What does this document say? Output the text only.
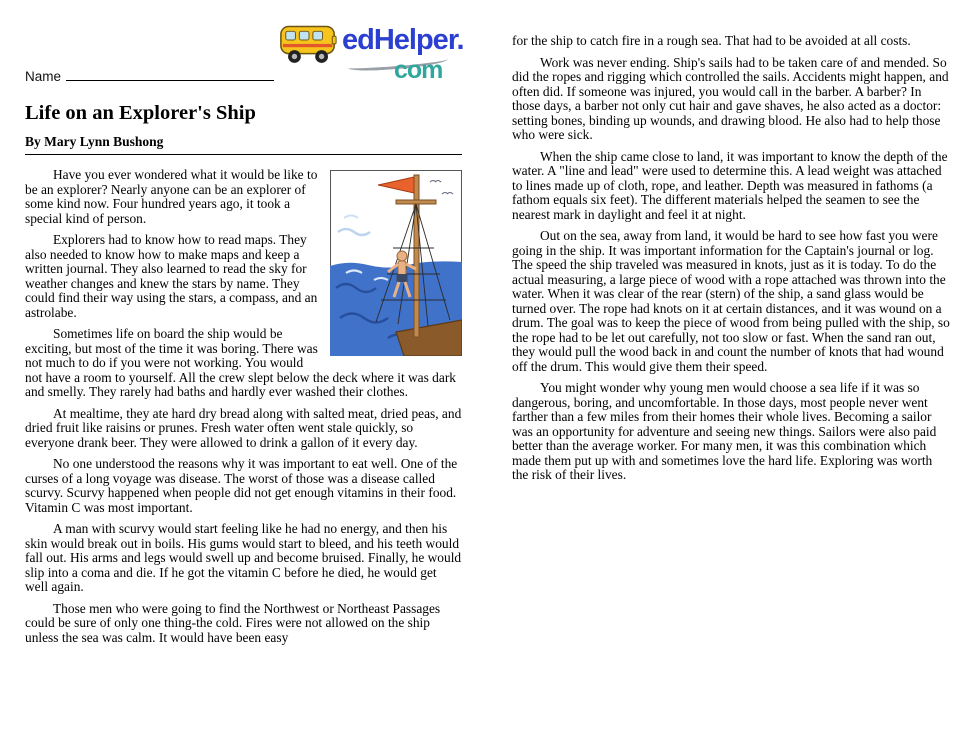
Name
edHelper.
com
Life on an Explorer's Ship
By Mary Lynn Bushong

Have you ever wondered what it would be like to be an explorer? Nearly anyone can be an explorer of some kind now. Four hundred years ago, it took a special kind of person.

Explorers had to know how to read maps. They also needed to know how to make maps and keep a written journal. They also learned to read the sky for weather changes and knew the stars by name. They could find their way using the stars, a compass, and an astrolabe.

Sometimes life on board the ship would be exciting, but most of the time it was boring. There was not much to do if you were not working. You would not have a room to yourself. All the crew slept below the deck where it was dark and smelly. They rarely had baths and hardly ever washed their clothes.

At mealtime, they ate hard dry bread along with salted meat, dried peas, and dried fruit like raisins or prunes. Fresh water often went stale quickly, so everyone drank beer. They were allowed to drink a gallon of it every day.

No one understood the reasons why it was important to eat well. One of the curses of a long voyage was disease. The worst of those was a disease called scurvy. Scurvy happened when people did not get enough vitamins in their food. Vitamin C was most important.

A man with scurvy would start feeling like he had no energy, and then his skin would break out in boils. His gums would start to bleed, and his teeth would fall out. His arms and legs would swell up and become bruised. Finally, he would slip into a coma and die. If he got the vitamin C before he died, he would get well again.

Those men who were going to find the Northwest or Northeast Passages could be sure of only one thing-the cold. Fires were not allowed on the ship unless the sea was calm. It would have been easy

for the ship to catch fire in a rough sea. That had to be avoided at all costs.

Work was never ending. Ship's sails had to be taken care of and mended. So did the ropes and rigging which controlled the sails. Accidents might happen, and often did. If someone was injured, you would call in the barber. A barber? In those days, a barber not only cut hair and gave shaves, he also acted as a doctor: setting bones, binding up wounds, and drawing blood. He also had to help those who were sick.

When the ship came close to land, it was important to know the depth of the water. A "line and lead" were used to determine this. A lead weight was attached to lines made up of cloth, rope, and leather. Depth was measured in fathoms (a fathom equals six feet). The different materials helped the seamen to see the nearest mark in daylight and feel it at night.

Out on the sea, away from land, it would be hard to see how fast you were going in the ship. It was important information for the Captain's journal or log. The speed the ship traveled was measured in knots, just as it is today. To do the actual measuring, a large piece of wood with a rope attached was thrown into the water. When it was clear of the rear (stern) of the ship, a sand glass would be turned over. The rope had knots on it at certain distances, and it was wound on a drum. The goal was to keep the piece of wood from being pulled with the ship, so the rope had to be let out carefully, not too slow or fast. When the sand ran out, they would pull the wood back in and count the number of knots that had wound off the drum. This would give them their speed.

You might wonder why young men would choose a sea life if it was so dangerous, boring, and uncomfortable. In those days, most people never went farther than a few miles from their homes their whole lives. Becoming a sailor was an opportunity for adventure and seeing new things. Sailors were also paid better than the average worker. For many men, it was this combination which made them put up with and sometimes love the hard life. Exploring was worth the risk of their lives.
